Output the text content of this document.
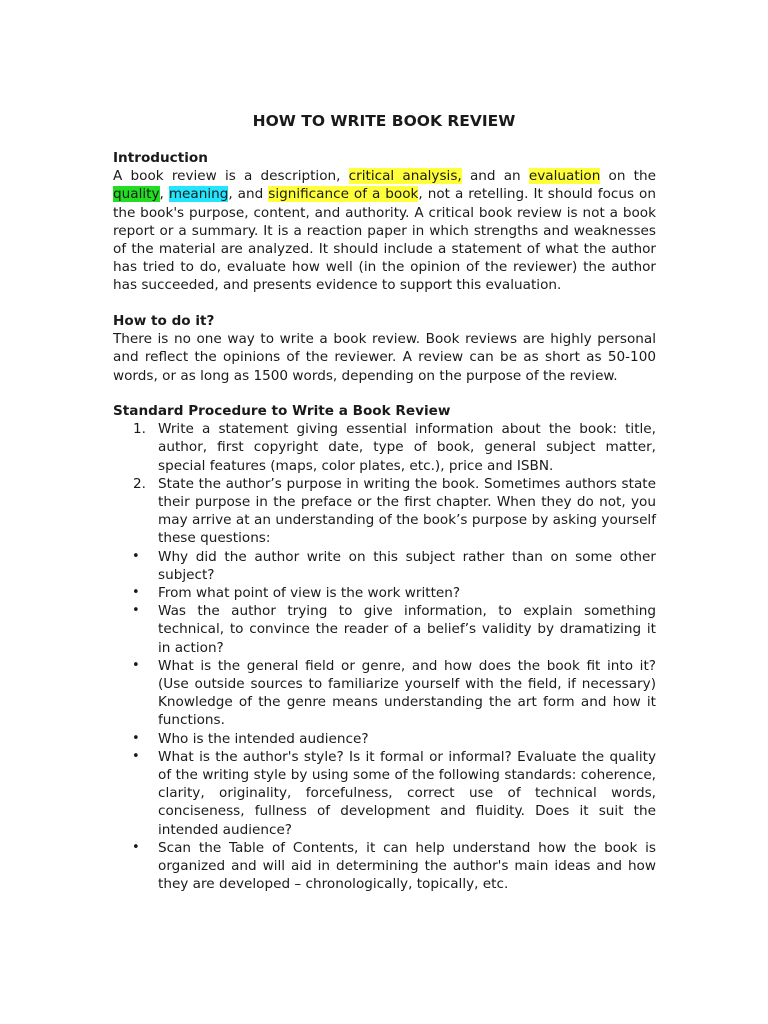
HOW TO WRITE BOOK REVIEW

Introduction

A book review is a description, critical analysis, and an evaluation on the quality, meaning, and significance of a book, not a retelling. It should focus on the book's purpose, content, and authority. A critical book review is not a book report or a summary. It is a reaction paper in which strengths and weaknesses of the material are analyzed. It should include a statement of what the author has tried to do, evaluate how well (in the opinion of the reviewer) the author has succeeded, and presents evidence to support this evaluation.

How to do it?

There is no one way to write a book review. Book reviews are highly personal and reflect the opinions of the reviewer. A review can be as short as 50-100 words, or as long as 1500 words, depending on the purpose of the review.

Standard Procedure to Write a Book Review

1. Write a statement giving essential information about the book: title, author, first copyright date, type of book, general subject matter, special features (maps, color plates, etc.), price and ISBN.
2. State the author’s purpose in writing the book. Sometimes authors state their purpose in the preface or the first chapter. When they do not, you may arrive at an understanding of the book’s purpose by asking yourself these questions:
• Why did the author write on this subject rather than on some other subject?
• From what point of view is the work written?
• Was the author trying to give information, to explain something technical, to convince the reader of a belief’s validity by dramatizing it in action?
• What is the general field or genre, and how does the book fit into it? (Use outside sources to familiarize yourself with the field, if necessary) Knowledge of the genre means understanding the art form and how it functions.
• Who is the intended audience?
• What is the author's style? Is it formal or informal? Evaluate the quality of the writing style by using some of the following standards: coherence, clarity, originality, forcefulness, correct use of technical words, conciseness, fullness of development and fluidity. Does it suit the intended audience?
• Scan the Table of Contents, it can help understand how the book is organized and will aid in determining the author's main ideas and how they are developed – chronologically, topically, etc.
